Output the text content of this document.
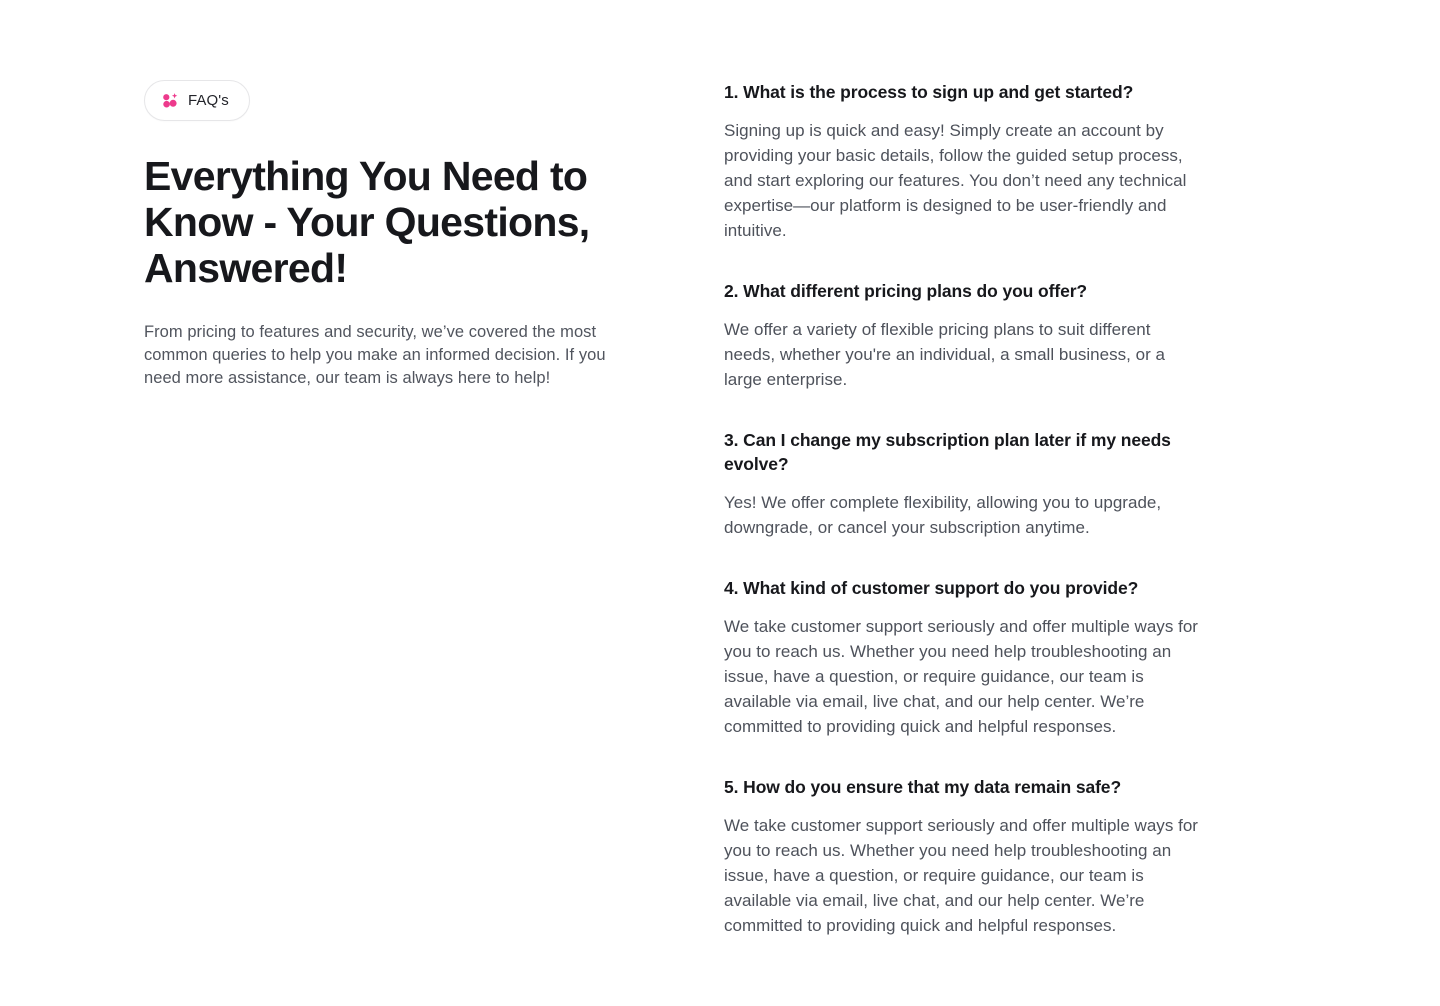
FAQ's
Everything You Need to Know - Your Questions, Answered!

From pricing to features and security, we’ve covered the most common queries to help you make an informed decision. If you need more assistance, our team is always here to help!

1. What is the process to sign up and get started?

Signing up is quick and easy! Simply create an account by providing your basic details, follow the guided setup process, and start exploring our features. You don’t need any technical expertise—our platform is designed to be user-friendly and intuitive.

2. What different pricing plans do you offer?

We offer a variety of flexible pricing plans to suit different needs, whether you're an individual, a small business, or a large enterprise.

3. Can I change my subscription plan later if my needs evolve?

Yes! We offer complete flexibility, allowing you to upgrade, downgrade, or cancel your subscription anytime.

4. What kind of customer support do you provide?

We take customer support seriously and offer multiple ways for you to reach us. Whether you need help troubleshooting an issue, have a question, or require guidance, our team is available via email, live chat, and our help center. We’re committed to providing quick and helpful responses.

5. How do you ensure that my data remain safe?

We take customer support seriously and offer multiple ways for you to reach us. Whether you need help troubleshooting an issue, have a question, or require guidance, our team is available via email, live chat, and our help center. We’re committed to providing quick and helpful responses.
